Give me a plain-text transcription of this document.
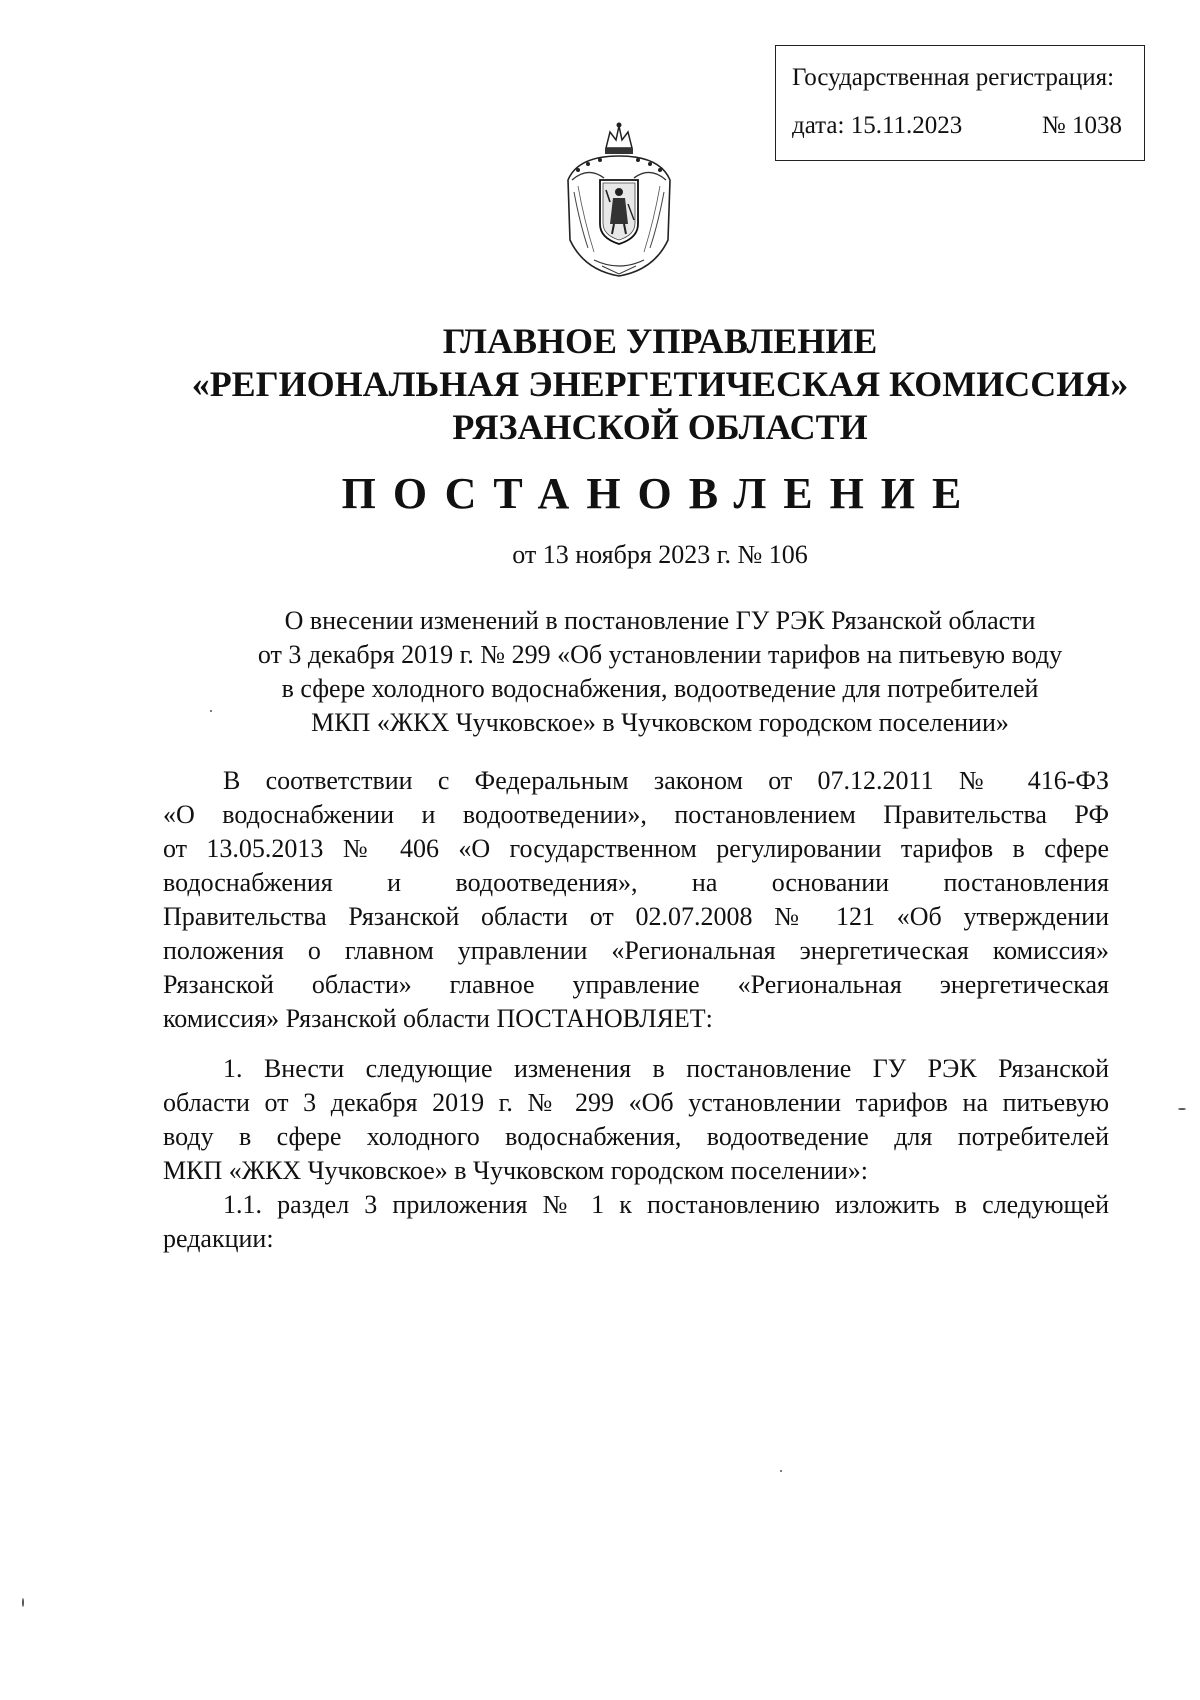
Государственная регистрация:
дата: 15.11.2023	№ 1038
ГЛАВНОЕ УПРАВЛЕНИЕ
«РЕГИОНАЛЬНАЯ ЭНЕРГЕТИЧЕСКАЯ КОМИССИЯ»
РЯЗАНСКОЙ ОБЛАСТИ
ПОСТАНОВЛЕНИЕ
от 13 ноября 2023 г. № 106
О внесении изменений в постановление ГУ РЭК Рязанской области
от 3 декабря 2019 г. № 299 «Об установлении тарифов на питьевую воду
в сфере холодного водоснабжения, водоотведение для потребителей
МКП «ЖКХ Чучковское» в Чучковском городском поселении»
В соответствии с Федеральным законом от 07.12.2011 № 416-ФЗ
«О водоснабжении и водоотведении», постановлением Правительства РФ
от 13.05.2013 № 406 «О государственном регулировании тарифов в сфере
водоснабжения и водоотведения», на основании постановления
Правительства Рязанской области от 02.07.2008 № 121 «Об утверждении
положения о главном управлении «Региональная энергетическая комиссия»
Рязанской области» главное управление «Региональная энергетическая
комиссия» Рязанской области ПОСТАНОВЛЯЕТ:
1. Внести следующие изменения в постановление ГУ РЭК Рязанской
области от 3 декабря 2019 г. № 299 «Об установлении тарифов на питьевую
воду в сфере холодного водоснабжения, водоотведение для потребителей
МКП «ЖКХ Чучковское» в Чучковском городском поселении»:
1.1. раздел 3 приложения № 1 к постановлению изложить в следующей
редакции:
